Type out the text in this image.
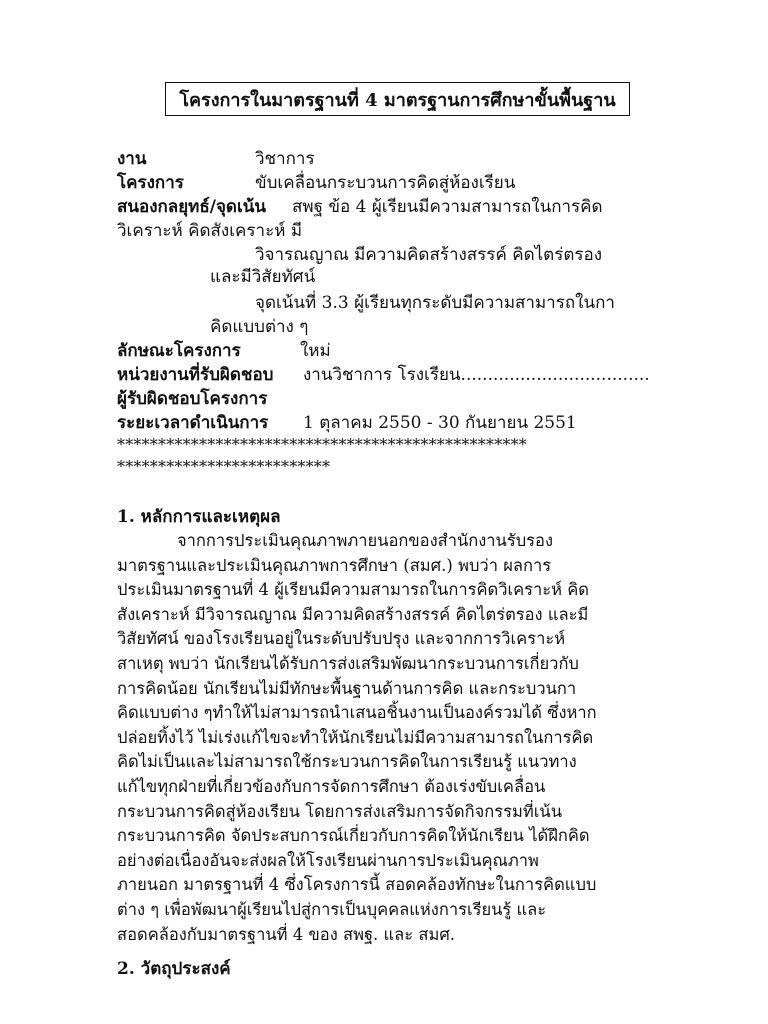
โครงการในมาตรฐานที่ 4 มาตรฐานการศึกษาขั้นพื้นฐาน
งาน	วิชาการ
โครงการ	ขับเคลื่อนกระบวนการคิดสู่ห้องเรียน
สนองกลยุทธ์/จุดเน้น สพฐ ข้อ 4 ผู้เรียนมีความสามารถในการคิด
วิเคราะห์ คิดสังเคราะห์ มี
วิจารณญาณ มีความคิดสร้างสรรค์ คิดไตร่ตรอง
และมีวิสัยทัศน์
จุดเน้นที่ 3.3 ผู้เรียนทุกระดับมีความสามารถในกา
คิดแบบต่าง ๆ
ลักษณะโครงการ	ใหม่
หน่วยงานที่รับผิดชอบ งานวิชาการ โรงเรียน...................................
ผู้รับผิดชอบโครงการ
ระยะเวลาดำเนินการ 1 ตุลาคม 2550 - 30 กันยายน 2551
**************************************************
**************************
1. หลักการและเหตุผล
จากการประเมินคุณภาพภายนอกของสำนักงานรับรอง
มาตรฐานและประเมินคุณภาพการศึกษา (สมศ.) พบว่า ผลการ
ประเมินมาตรฐานที่ 4 ผู้เรียนมีความสามารถในการคิดวิเคราะห์ คิด
สังเคราะห์ มีวิจารณญาณ มีความคิดสร้างสรรค์ คิดไตร่ตรอง และมี
วิสัยทัศน์ ของโรงเรียนอยู่ในระดับปรับปรุง และจากการวิเคราะห์
สาเหตุ พบว่า นักเรียนได้รับการส่งเสริมพัฒนากระบวนการเกี่ยวกับ
การคิดน้อย นักเรียนไม่มีทักษะพื้นฐานด้านการคิด และกระบวนกา
คิดแบบต่าง ๆทำให้ไม่สามารถนำเสนอชิ้นงานเป็นองค์รวมได้ ซึ่งหาก
ปล่อยทิ้งไว้ ไม่เร่งแก้ไขจะทำให้นักเรียนไม่มีความสามารถในการคิด
คิดไม่เป็นและไม่สามารถใช้กระบวนการคิดในการเรียนรู้ แนวทาง
แก้ไขทุกฝ่ายที่เกี่ยวข้องกับการจัดการศึกษา ต้องเร่งขับเคลื่อน
กระบวนการคิดสู่ห้องเรียน โดยการส่งเสริมการจัดกิจกรรมที่เน้น
กระบวนการคิด จัดประสบการณ์เกี่ยวกับการคิดให้นักเรียน ได้ฝึกคิด
อย่างต่อเนื่องอันจะส่งผลให้โรงเรียนผ่านการประเมินคุณภาพ
ภายนอก มาตรฐานที่ 4 ซึ่งโครงการนี้ สอดคล้องทักษะในการคิดแบบ
ต่าง ๆ เพื่อพัฒนาผู้เรียนไปสู่การเป็นบุคคลแห่งการเรียนรู้ และ
สอดคล้องกับมาตรฐานที่ 4 ของ สพฐ. และ สมศ.
2. วัตถุประสงค์
